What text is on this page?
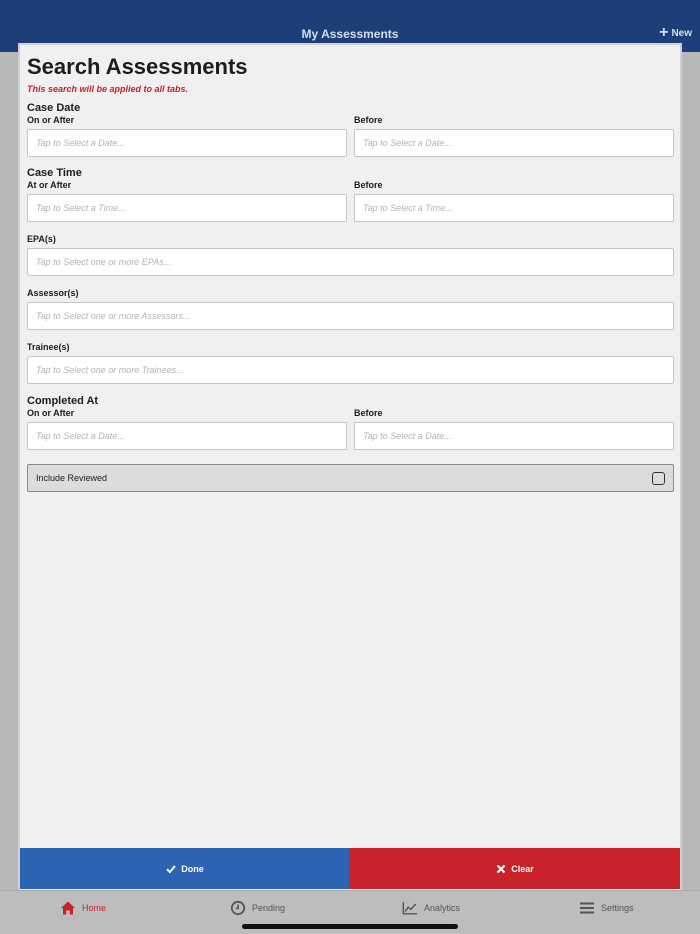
My Assessments	+ New
Search Assessments
This search will be applied to all tabs.
Case Date
On or After	Before
Tap to Select a Date...	Tap to Select a Date...
Case Time
At or After	Before
Tap to Select a Time...	Tap to Select a Time...
EPA(s)
Tap to Select one or more EPAs...
Assessor(s)
Tap to Select one or more Assessors...
Trainee(s)
Tap to Select one or more Trainees...
Completed At
On or After	Before
Tap to Select a Date...	Tap to Select a Date...
Include Reviewed
Done	Clear
Home	Pending	Analytics	Settings
